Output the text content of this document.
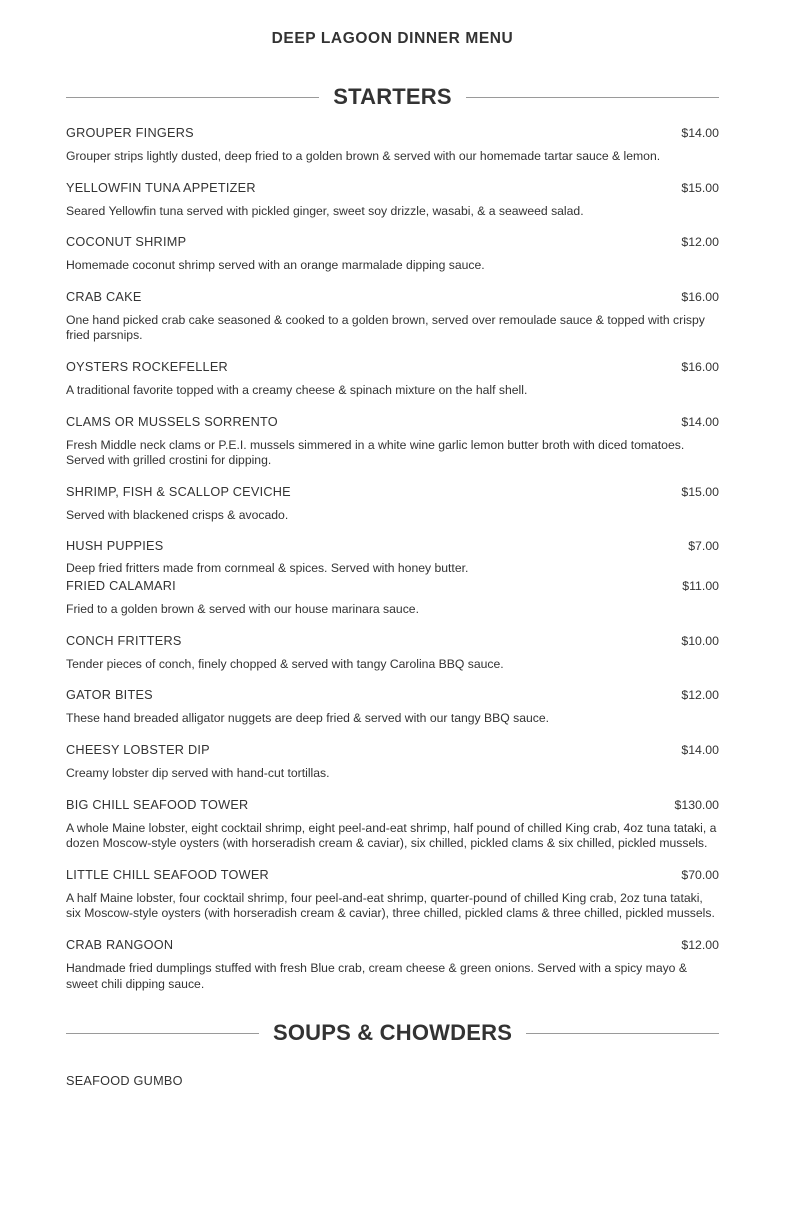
DEEP LAGOON DINNER MENU
STARTERS
GROUPER FINGERS	$14.00
Grouper strips lightly dusted, deep fried to a golden brown & served with our homemade tartar sauce & lemon.
YELLOWFIN TUNA APPETIZER	$15.00
Seared Yellowfin tuna served with pickled ginger, sweet soy drizzle, wasabi, & a seaweed salad.
COCONUT SHRIMP	$12.00
Homemade coconut shrimp served with an orange marmalade dipping sauce.
CRAB CAKE	$16.00
One hand picked crab cake seasoned & cooked to a golden brown, served over remoulade sauce & topped with crispy fried parsnips.
OYSTERS ROCKEFELLER	$16.00
A traditional favorite topped with a creamy cheese & spinach mixture on the half shell.
CLAMS OR MUSSELS SORRENTO	$14.00
Fresh Middle neck clams or P.E.I. mussels simmered in a white wine garlic lemon butter broth with diced tomatoes. Served with grilled crostini for dipping.
SHRIMP, FISH & SCALLOP CEVICHE	$15.00
Served with blackened crisps & avocado.
HUSH PUPPIES	$7.00
Deep fried fritters made from cornmeal & spices. Served with honey butter.
FRIED CALAMARI	$11.00
Fried to a golden brown & served with our house marinara sauce.
CONCH FRITTERS	$10.00
Tender pieces of conch, finely chopped & served with tangy Carolina BBQ sauce.
GATOR BITES	$12.00
These hand breaded alligator nuggets are deep fried & served with our tangy BBQ sauce.
CHEESY LOBSTER DIP	$14.00
Creamy lobster dip served with hand-cut tortillas.
BIG CHILL SEAFOOD TOWER	$130.00
A whole Maine lobster, eight cocktail shrimp, eight peel-and-eat shrimp, half pound of chilled King crab, 4oz tuna tataki, a dozen Moscow-style oysters (with horseradish cream & caviar), six chilled, pickled clams & six chilled, pickled mussels.
LITTLE CHILL SEAFOOD TOWER	$70.00
A half Maine lobster, four cocktail shrimp, four peel-and-eat shrimp, quarter-pound of chilled King crab, 2oz tuna tataki, six Moscow-style oysters (with horseradish cream & caviar), three chilled, pickled clams & three chilled, pickled mussels.
CRAB RANGOON	$12.00
Handmade fried dumplings stuffed with fresh Blue crab, cream cheese & green onions. Served with a spicy mayo & sweet chili dipping sauce.
SOUPS & CHOWDERS
SEAFOOD GUMBO
